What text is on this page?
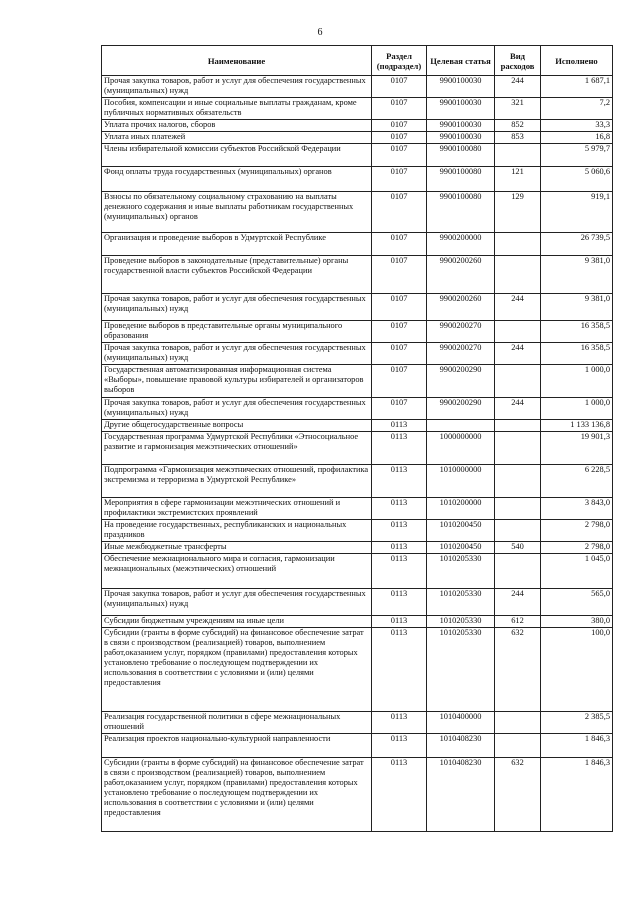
6
Наименование	Раздел (подраздел)	Целевая статья	Вид расходов	Исполнено
Прочая закупка товаров, работ и услуг для обеспечения государственных (муниципальных) нужд	0107	9900100030	244	1 687,1
Пособия, компенсации и иные социальные выплаты гражданам, кроме публичных нормативных обязательств	0107	9900100030	321	7,2
Уплата прочих налогов, сборов	0107	9900100030	852	33,3
Уплата иных платежей	0107	9900100030	853	16,8
Члены избирательной комиссии субъектов Российской Федерации	0107	9900100080		5 979,7
Фонд оплаты труда государственных (муниципальных) органов	0107	9900100080	121	5 060,6
Взносы по обязательному социальному страхованию на выплаты денежного содержания и иные выплаты работникам государственных (муниципальных) органов	0107	9900100080	129	919,1
Организация и проведение выборов в Удмуртской Республике	0107	9900200000		26 739,5
Проведение выборов в законодательные (представительные) органы государственной власти субъектов Российской Федерации	0107	9900200260		9 381,0
Прочая закупка товаров, работ и услуг для обеспечения государственных (муниципальных) нужд	0107	9900200260	244	9 381,0
Проведение выборов в представительные органы муниципального образования	0107	9900200270		16 358,5
Прочая закупка товаров, работ и услуг для обеспечения государственных (муниципальных) нужд	0107	9900200270	244	16 358,5
Государственная автоматизированная информационная система «Выборы», повышение правовой культуры избирателей и организаторов выборов	0107	9900200290		1 000,0
Прочая закупка товаров, работ и услуг для обеспечения государственных (муниципальных) нужд	0107	9900200290	244	1 000,0
Другие общегосударственные вопросы	0113			1 133 136,8
Государственная программа Удмуртской Республики «Этносоциальное развитие и гармонизация межэтнических отношений»	0113	1000000000		19 901,3
Подпрограмма «Гармонизация межэтнических отношений, профилактика экстремизма и терроризма в Удмуртской Республике»	0113	1010000000		6 228,5
Мероприятия в сфере гармонизации межэтнических отношений и профилактики экстремистских проявлений	0113	1010200000		3 843,0
На проведение государственных, республиканских и национальных праздников	0113	1010200450		2 798,0
Иные межбюджетные трансферты	0113	1010200450	540	2 798,0
Обеспечение межнационального мира и согласия, гармонизации межнациональных (межэтнических) отношений	0113	1010205330		1 045,0
Прочая закупка товаров, работ и услуг для обеспечения государственных (муниципальных) нужд	0113	1010205330	244	565,0
Субсидии бюджетным учреждениям на иные цели	0113	1010205330	612	380,0
Субсидии (гранты в форме субсидий) на финансовое обеспечение затрат в связи с производством (реализацией) товаров, выполнением работ,оказанием услуг, порядком (правилами) предоставления которых установлено требование о последующем подтверждении их использования в соответствии с условиями и (или) целями предоставления	0113	1010205330	632	100,0
Реализация государственной политики в сфере межнациональных отношений	0113	1010400000		2 385,5
Реализация проектов национально-культурной направленности	0113	1010408230		1 846,3
Субсидии (гранты в форме субсидий) на финансовое обеспечение затрат в связи с производством (реализацией) товаров, выполнением работ,оказанием услуг, порядком (правилами) предоставления которых установлено требование о последующем подтверждении их использования в соответствии с условиями и (или) целями предоставления	0113	1010408230	632	1 846,3
